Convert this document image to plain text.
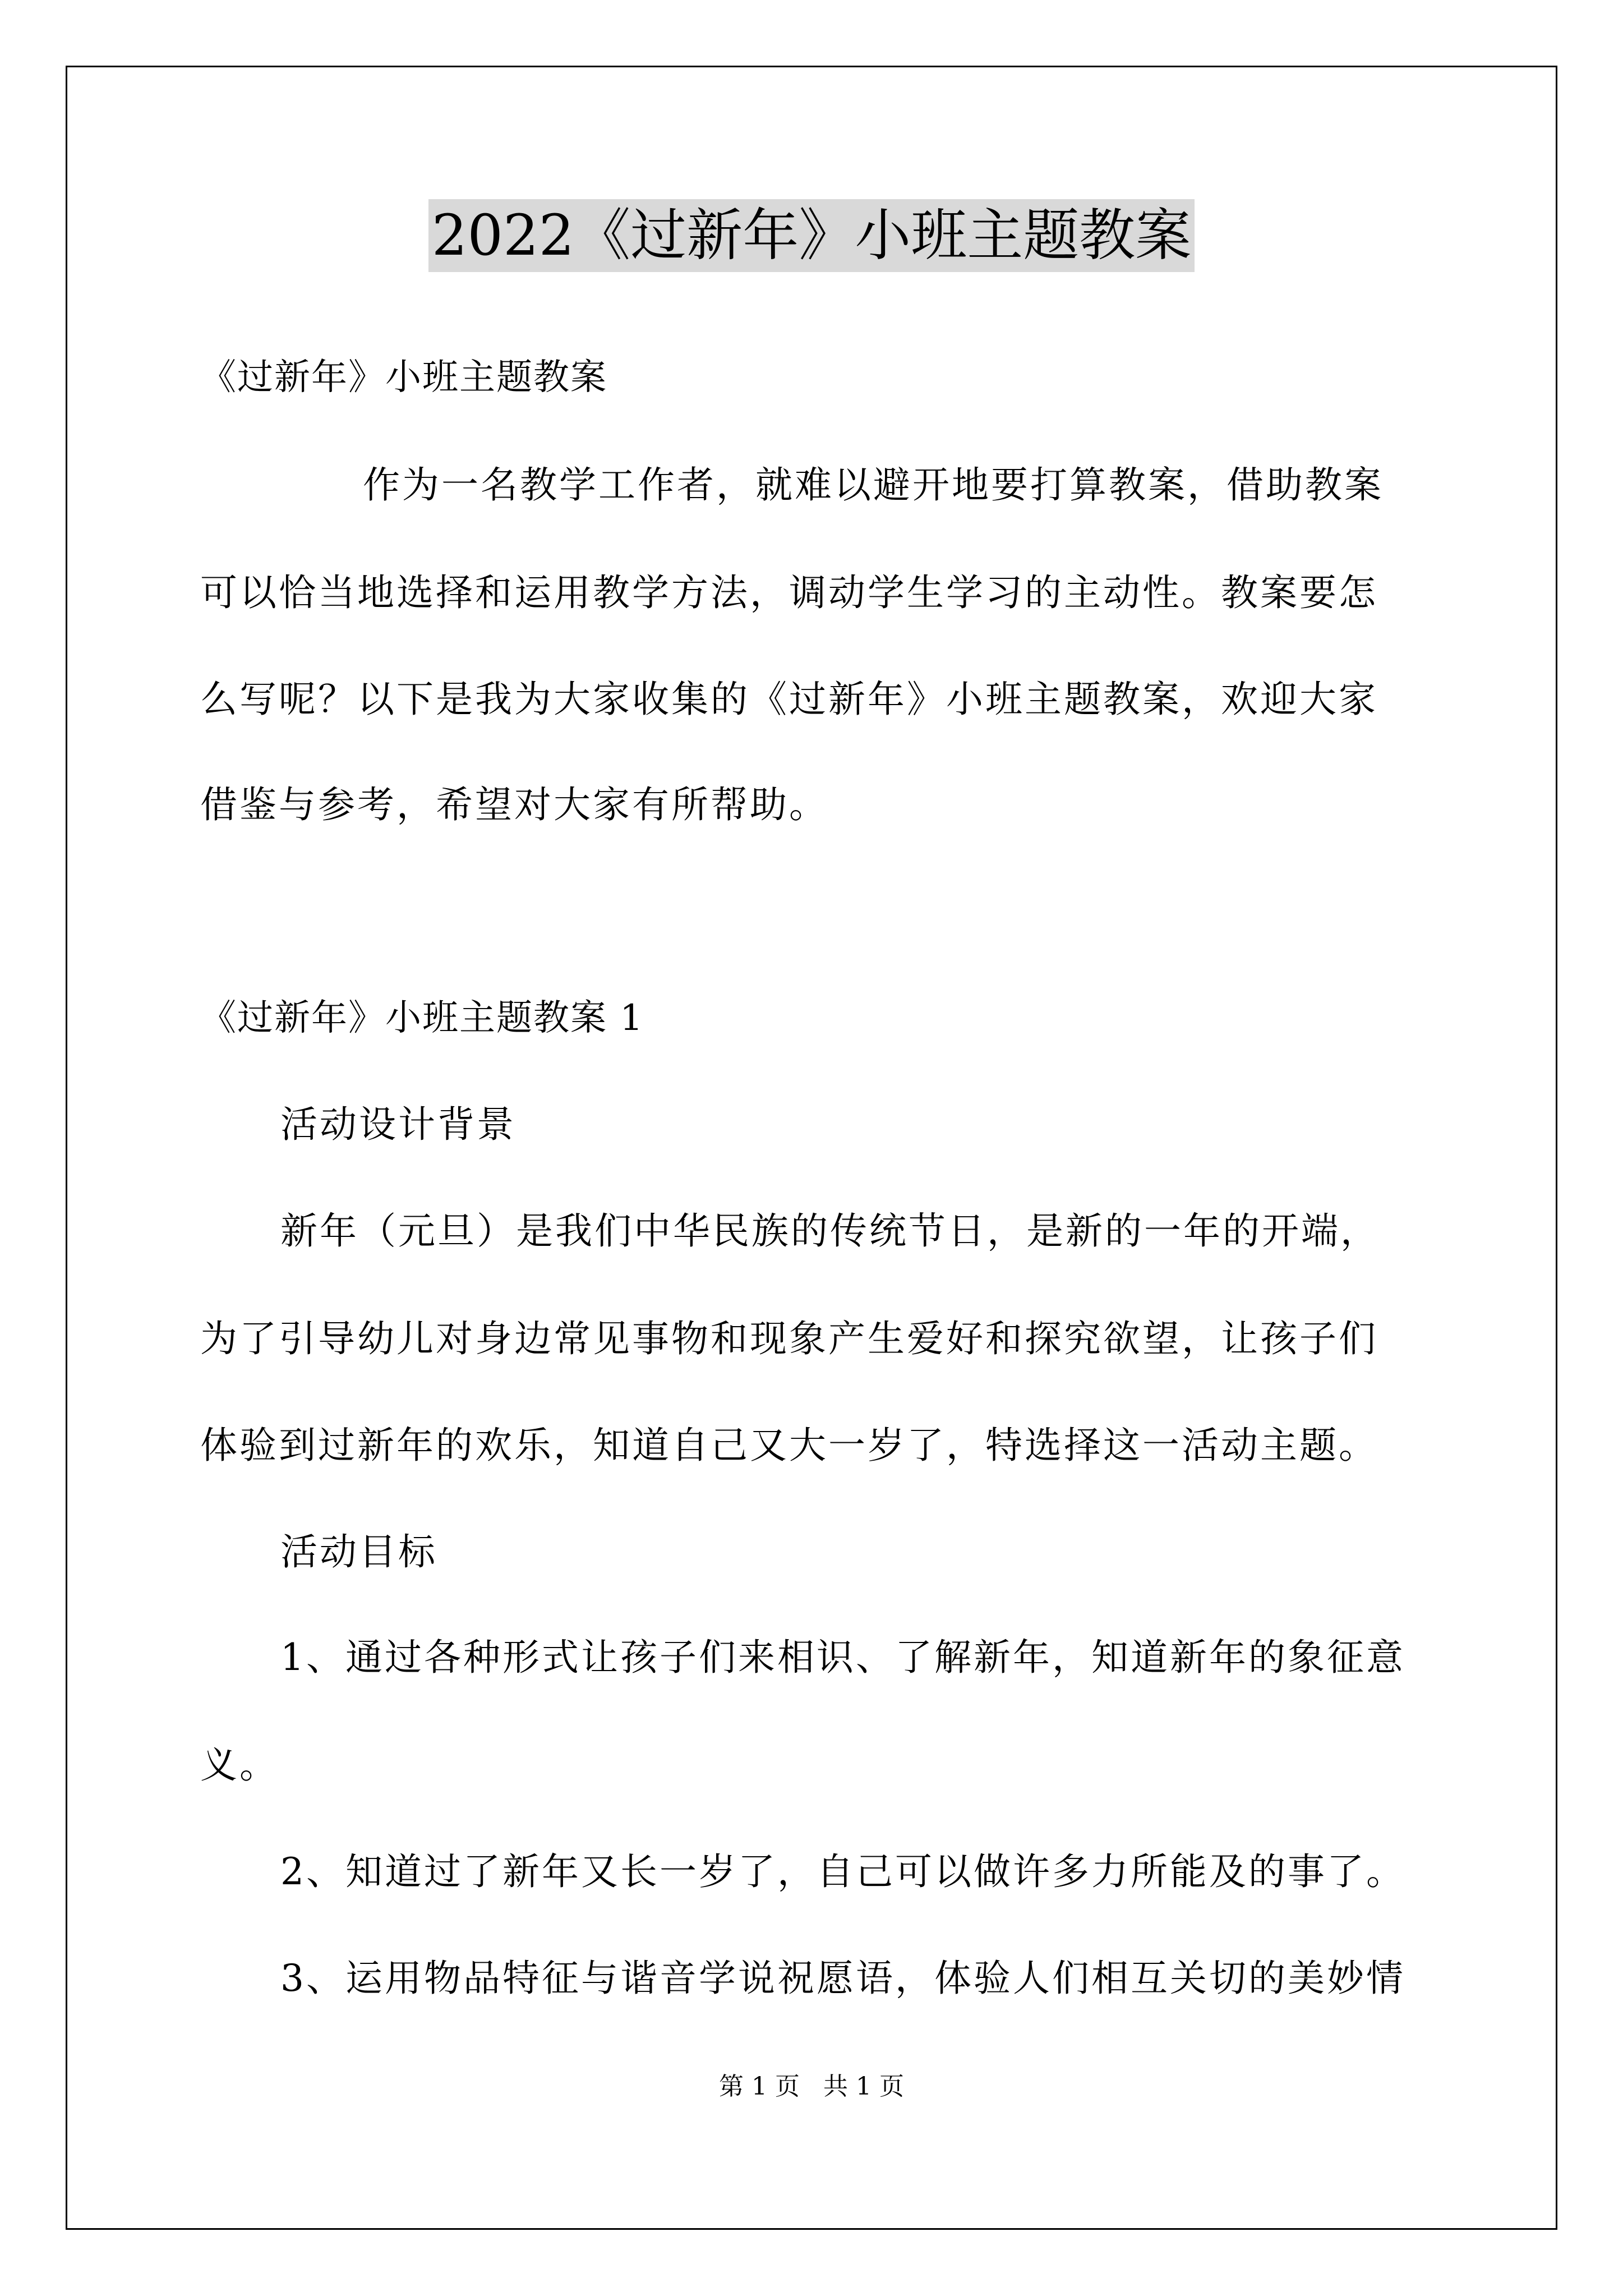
2022《过新年》小班主题教案
《过新年》小班主题教案
作为一名教学工作者，就难以避开地要打算教案，借助教案
可以恰当地选择和运用教学方法，调动学生学习的主动性。教案要怎
么写呢？以下是我为大家收集的《过新年》小班主题教案，欢迎大家
借鉴与参考，希望对大家有所帮助。
《过新年》小班主题教案 1
活动设计背景
新年（元旦）是我们中华民族的传统节日，是新的一年的开端，
为了引导幼儿对身边常见事物和现象产生爱好和探究欲望，让孩子们
体验到过新年的欢乐，知道自己又大一岁了，特选择这一活动主题。
活动目标
1、通过各种形式让孩子们来相识、了解新年，知道新年的象征意
义。
2、知道过了新年又长一岁了，自己可以做许多力所能及的事了。
3、运用物品特征与谐音学说祝愿语，体验人们相互关切的美妙情
第 1 页   共 1 页
